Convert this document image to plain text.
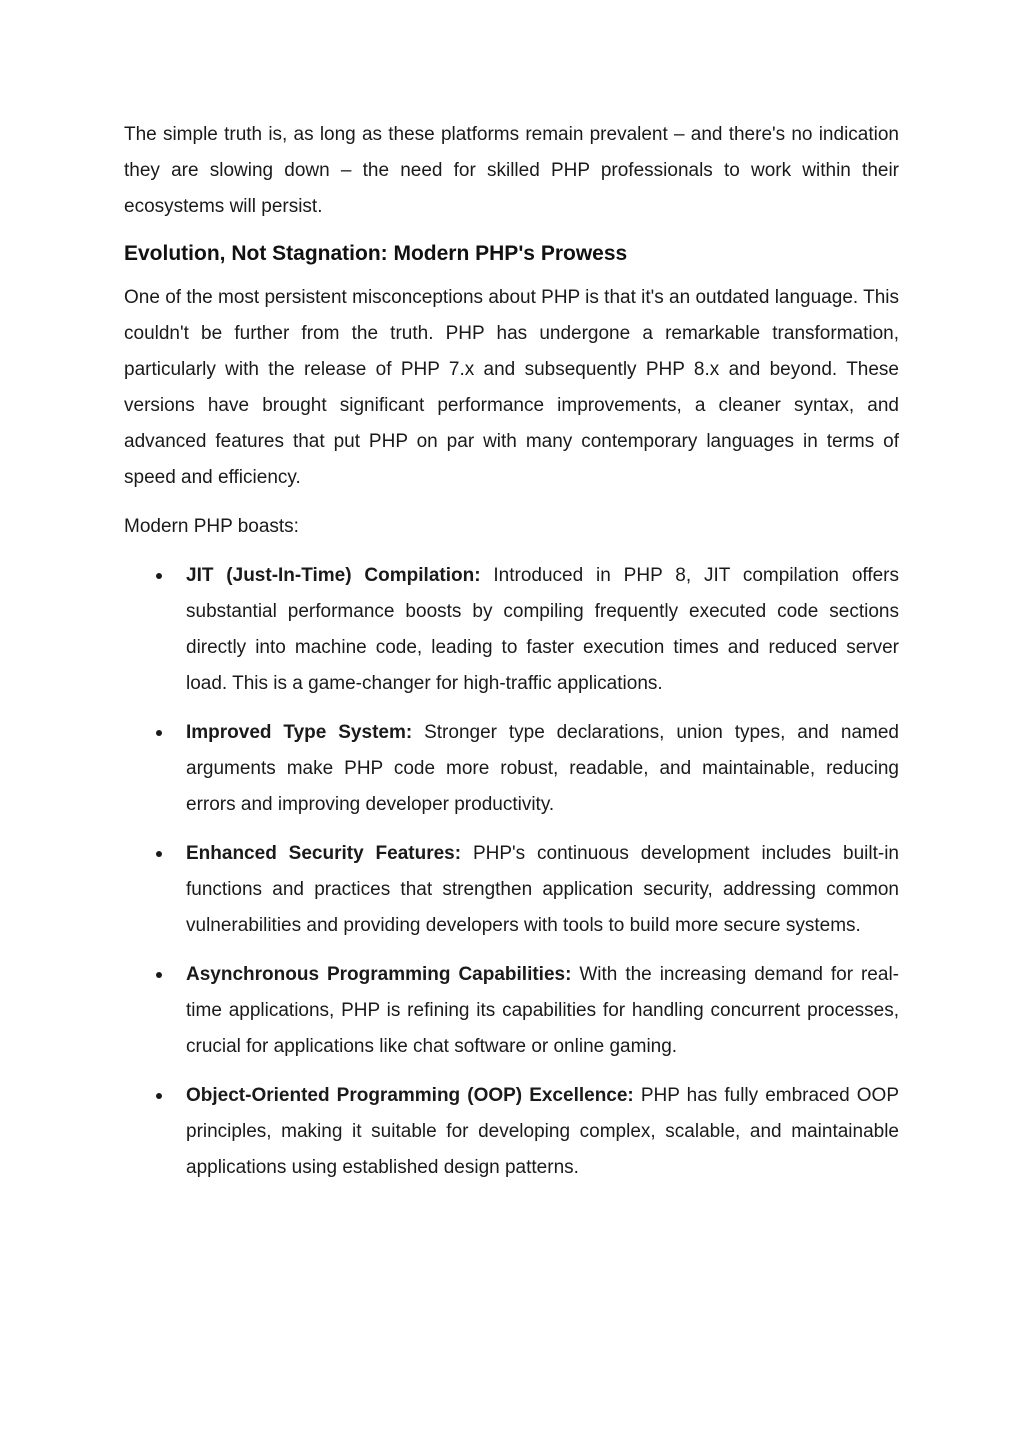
The simple truth is, as long as these platforms remain prevalent – and there's no indication they are slowing down – the need for skilled PHP professionals to work within their ecosystems will persist.

Evolution, Not Stagnation: Modern PHP's Prowess

One of the most persistent misconceptions about PHP is that it's an outdated language. This couldn't be further from the truth. PHP has undergone a remarkable transformation, particularly with the release of PHP 7.x and subsequently PHP 8.x and beyond. These versions have brought significant performance improvements, a cleaner syntax, and advanced features that put PHP on par with many contemporary languages in terms of speed and efficiency.

Modern PHP boasts:

JIT (Just-In-Time) Compilation: Introduced in PHP 8, JIT compilation offers substantial performance boosts by compiling frequently executed code sections directly into machine code, leading to faster execution times and reduced server load. This is a game-changer for high-traffic applications.

Improved Type System: Stronger type declarations, union types, and named arguments make PHP code more robust, readable, and maintainable, reducing errors and improving developer productivity.

Enhanced Security Features: PHP's continuous development includes built-in functions and practices that strengthen application security, addressing common vulnerabilities and providing developers with tools to build more secure systems.

Asynchronous Programming Capabilities: With the increasing demand for real-time applications, PHP is refining its capabilities for handling concurrent processes, crucial for applications like chat software or online gaming.

Object-Oriented Programming (OOP) Excellence: PHP has fully embraced OOP principles, making it suitable for developing complex, scalable, and maintainable applications using established design patterns.
